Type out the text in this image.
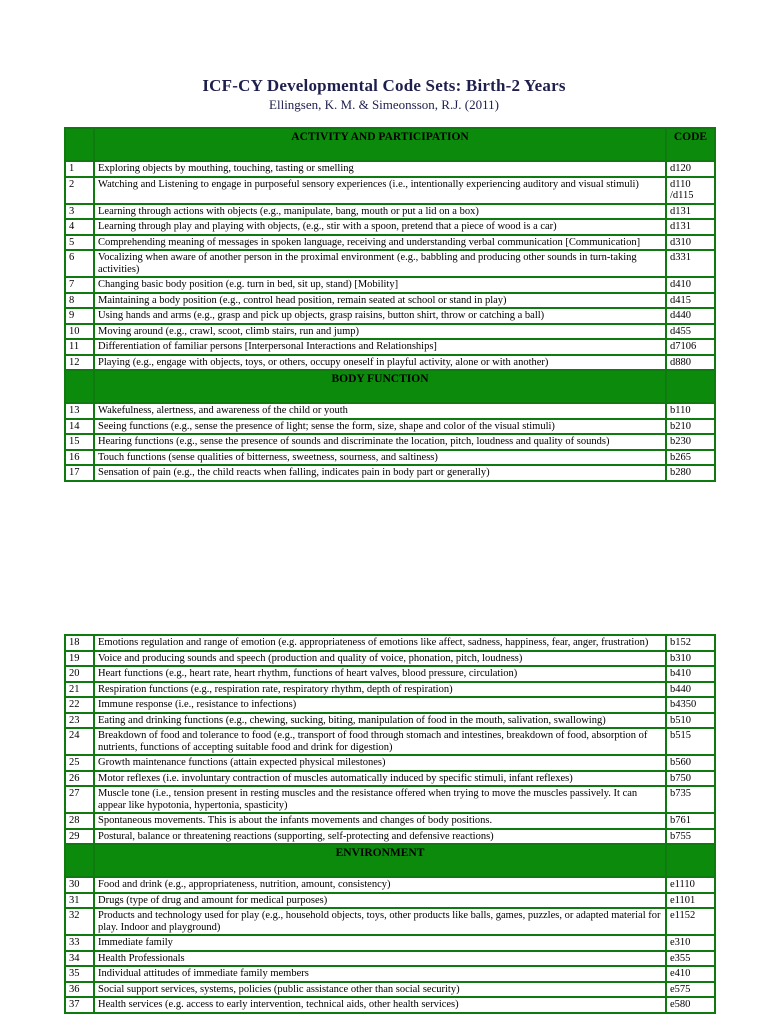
ICF-CY Developmental Code Sets: Birth-2 Years
Ellingsen, K. M. & Simeonsson, R.J. (2011)
	ACTIVITY AND PARTICIPATION	CODE
1	Exploring objects by mouthing, touching, tasting or smelling	d120
2	Watching and Listening to engage in purposeful sensory experiences (i.e., intentionally experiencing auditory and visual stimuli)	d110 /d115
3	Learning through actions with objects (e.g., manipulate, bang, mouth or put a lid on a box)	d131
4	Learning through play and playing with objects, (e.g., stir with a spoon, pretend that a piece of wood is a car)	d131
5	Comprehending meaning of messages in spoken language, receiving and understanding verbal communication [Communication]	d310
6	Vocalizing when aware of another person in the proximal environment (e.g., babbling and producing other sounds in turn-taking activities)	d331
7	Changing basic body position (e.g. turn in bed, sit up, stand) [Mobility]	d410
8	Maintaining a body position (e.g., control head position, remain seated at school or stand in play)	d415
9	Using hands and arms (e.g., grasp and pick up objects, grasp raisins, button shirt, throw or catching a ball)	d440
10	Moving around (e.g., crawl, scoot, climb stairs, run and jump)	d455
11	Differentiation of familiar persons [Interpersonal Interactions and Relationships]	d7106
12	Playing (e.g., engage with objects, toys, or others, occupy oneself in playful activity, alone or with another)	d880
	BODY FUNCTION	
13	Wakefulness, alertness, and awareness of the child or youth	b110
14	Seeing functions (e.g., sense the presence of light; sense the form, size, shape and color of the visual stimuli)	b210
15	Hearing functions (e.g., sense the presence of sounds and discriminate the location, pitch, loudness and quality of sounds)	b230
16	Touch functions (sense qualities of bitterness, sweetness, sourness, and saltiness)	b265
17	Sensation of pain (e.g., the child reacts when falling, indicates pain in body part or generally)	b280
18	Emotions regulation and range of emotion (e.g. appropriateness of emotions like affect, sadness, happiness, fear, anger, frustration)	b152
19	Voice and producing sounds and speech (production and quality of voice, phonation, pitch, loudness)	b310
20	Heart functions (e.g., heart rate, heart rhythm, functions of heart valves, blood pressure, circulation)	b410
21	Respiration functions (e.g., respiration rate, respiratory rhythm, depth of respiration)	b440
22	Immune response (i.e., resistance to infections)	b4350
23	Eating and drinking functions (e.g., chewing, sucking, biting, manipulation of food in the mouth, salivation, swallowing)	b510
24	Breakdown of food and tolerance to food (e.g., transport of food through stomach and intestines, breakdown of food, absorption of nutrients, functions of accepting suitable food and drink for digestion)	b515
25	Growth maintenance functions (attain expected physical milestones)	b560
26	Motor reflexes (i.e. involuntary contraction of muscles automatically induced by specific stimuli, infant reflexes)	b750
27	Muscle tone (i.e., tension present in resting muscles and the resistance offered when trying to move the muscles passively. It can appear like hypotonia, hypertonia, spasticity)	b735
28	Spontaneous movements. This is about the infants movements and changes of body positions.	b761
29	Postural, balance or threatening reactions (supporting, self-protecting and defensive reactions)	b755
	ENVIRONMENT	
30	Food and drink (e.g., appropriateness, nutrition, amount, consistency)	e1110
31	Drugs (type of drug and amount for medical purposes)	e1101
32	Products and technology used for play (e.g., household objects, toys, other products like balls, games, puzzles, or adapted material for play. Indoor and playground)	e1152
33	Immediate family	e310
34	Health Professionals	e355
35	Individual attitudes of immediate family members	e410
36	Social support services, systems, policies (public assistance other than social security)	e575
37	Health services (e.g. access to early intervention, technical aids, other health services)	e580
